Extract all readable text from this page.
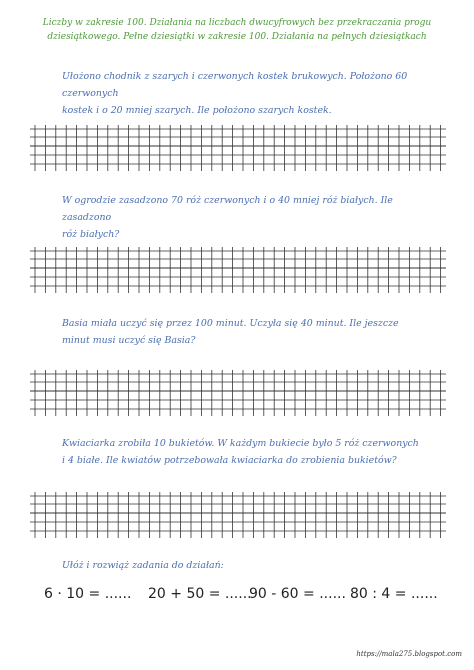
Liczby w zakresie 100. Działania na liczbach dwucyfrowych bez przekraczania progu
dziesiątkowego. Pełne dziesiątki w zakresie 100. Działania na pełnych dziesiątkach
Ułożono chodnik z szarych i czerwonych kostek brukowych. Położono 60 czerwonych
kostek i o 20 mniej szarych. Ile położono szarych kostek.
W ogrodzie zasadzono 70 róż czerwonych i o 40 mniej róż białych. Ile zasadzono
róż białych?
Basia miała uczyć się przez 100 minut. Uczyła się 40 minut. Ile jeszcze
minut musi uczyć się Basia?
Kwiaciarka zrobiła 10 bukietów. W każdym bukiecie było 5 róż czerwonych
i 4 białe. Ile kwiatów potrzebowała kwiaciarka do zrobienia bukietów?
Ułóż i rozwiąż zadania do działań:
6 · 10 = ...... 20 + 50 = ......
90 - 60 = ...... 80 : 4 = ......
https://mala275.blogspot.com
